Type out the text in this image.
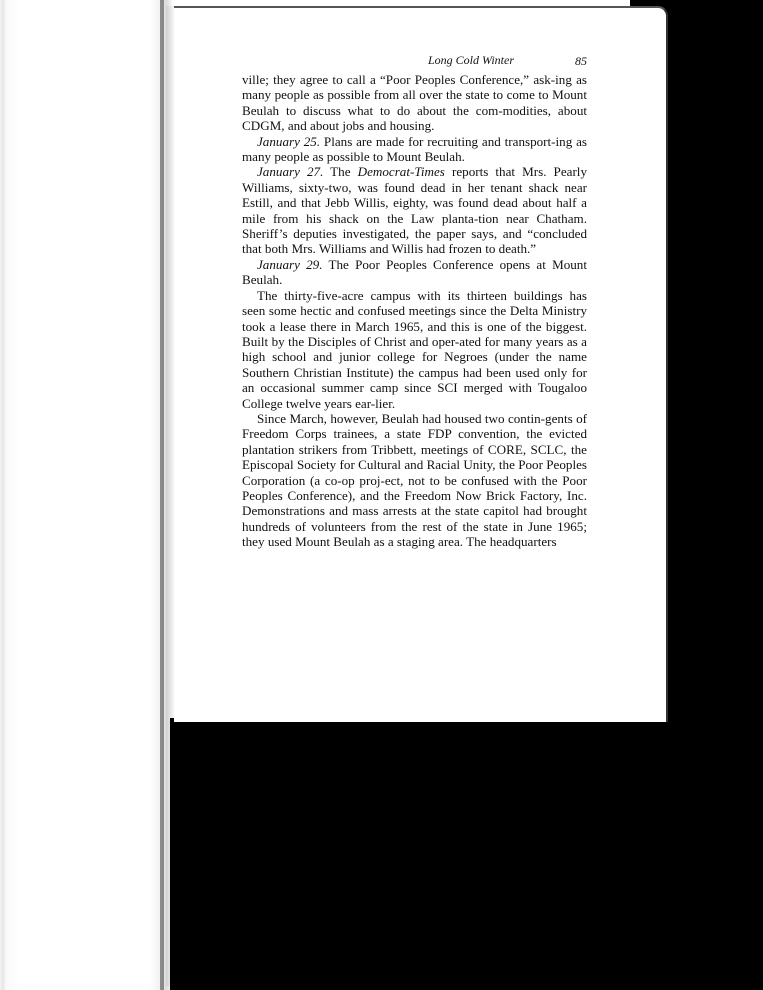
Long Cold Winter	85

ville; they agree to call a “Poor Peoples Conference,” ask-ing as many people as possible from all over the state to come to Mount Beulah to discuss what to do about the com-modities, about CDGM, and about jobs and housing.

January 25. Plans are made for recruiting and transport-ing as many people as possible to Mount Beulah.

January 27. The Democrat-Times reports that Mrs. Pearly Williams, sixty-two, was found dead in her tenant shack near Estill, and that Jebb Willis, eighty, was found dead about half a mile from his shack on the Law planta-tion near Chatham. Sheriff’s deputies investigated, the paper says, and “concluded that both Mrs. Williams and Willis had frozen to death.”

January 29. The Poor Peoples Conference opens at Mount Beulah.

The thirty-five-acre campus with its thirteen buildings has seen some hectic and confused meetings since the Delta Ministry took a lease there in March 1965, and this is one of the biggest. Built by the Disciples of Christ and oper-ated for many years as a high school and junior college for Negroes (under the name Southern Christian Institute) the campus had been used only for an occasional summer camp since SCI merged with Tougaloo College twelve years ear-lier.

Since March, however, Beulah had housed two contin-gents of Freedom Corps trainees, a state FDP convention, the evicted plantation strikers from Tribbett, meetings of CORE, SCLC, the Episcopal Society for Cultural and Racial Unity, the Poor Peoples Corporation (a co-op proj-ect, not to be confused with the Poor Peoples Conference), and the Freedom Now Brick Factory, Inc. Demonstrations and mass arrests at the state capitol had brought hundreds of volunteers from the rest of the state in June 1965; they used Mount Beulah as a staging area. The headquarters
